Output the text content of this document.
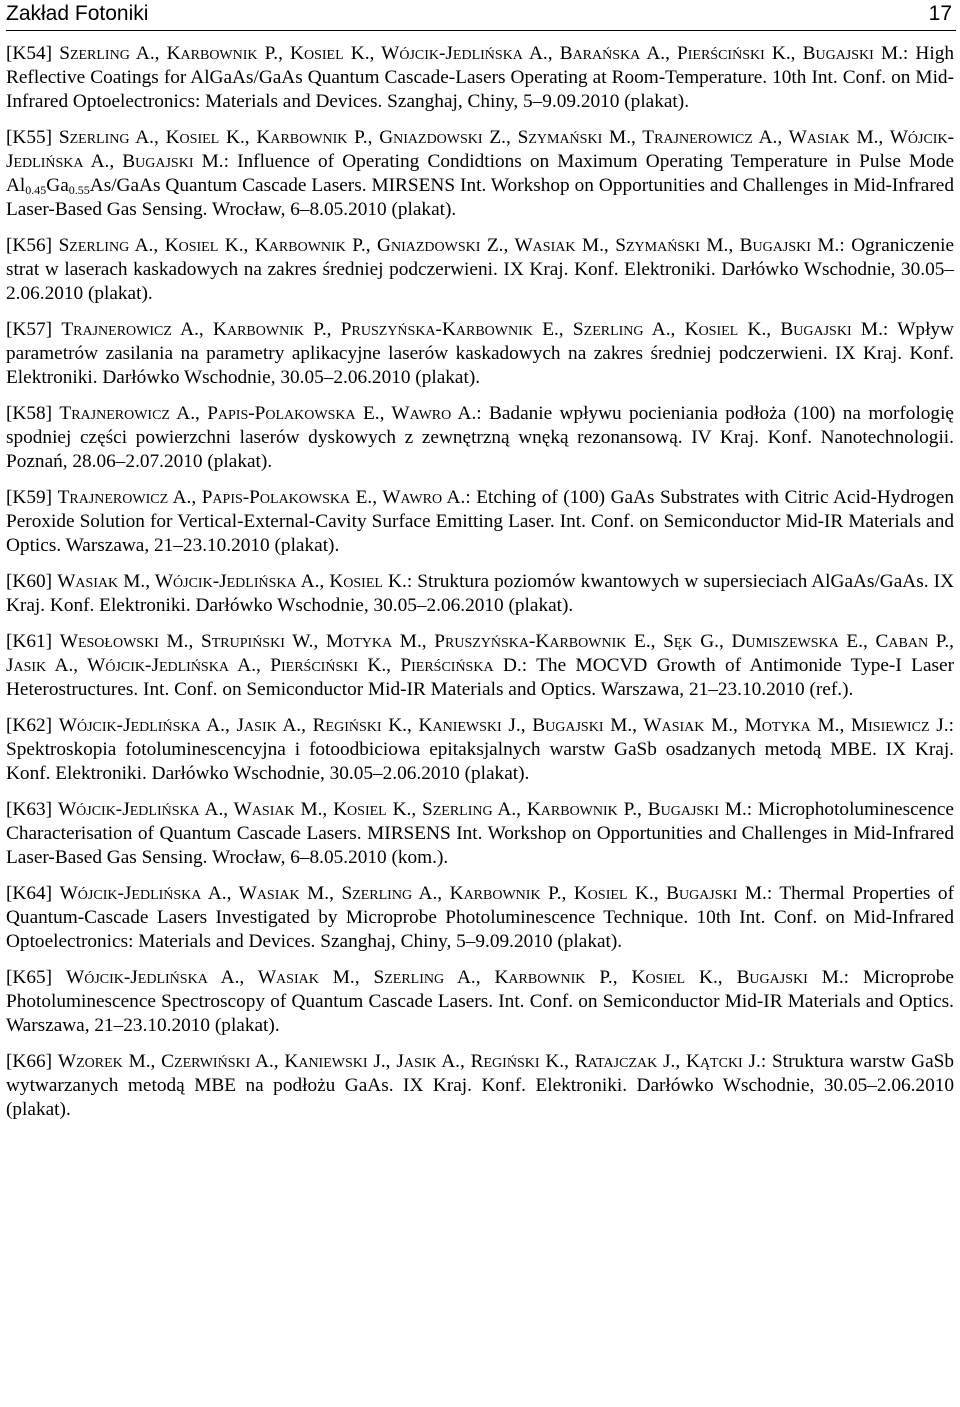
Zakład Fotoniki	17

[K54] Szerling A., Karbownik P., Kosiel K., Wójcik-Jedlińska A., Barańska A., Pierściński K., Bugajski M.: High Reflective Coatings for AlGaAs/GaAs Quantum Cascade-Lasers Operating at Room-Temperature. 10th Int. Conf. on Mid-Infrared Optoelectronics: Materials and Devices. Szanghaj, Chiny, 5–9.09.2010 (plakat).

[K55] Szerling A., Kosiel K., Karbownik P., Gniazdowski Z., Szymański M., Trajnerowicz A., Wasiak M., Wójcik-Jedlińska A., Bugajski M.: Influence of Operating Condidtions on Maximum Operating Temperature in Pulse Mode $Al_{0.45}Ga_{0.55}As$/GaAs Quantum Cascade Lasers. MIRSENS Int. Workshop on Opportunities and Challenges in Mid-Infrared Laser-Based Gas Sensing. Wrocław, 6–8.05.2010 (plakat).

[K56] Szerling A., Kosiel K., Karbownik P., Gniazdowski Z., Wasiak M., Szymański M., Bugajski M.: Ograniczenie strat w laserach kaskadowych na zakres średniej podczerwieni. IX Kraj. Konf. Elektroniki. Darłówko Wschodnie, 30.05–2.06.2010 (plakat).

[K57] Trajnerowicz A., Karbownik P., Pruszyńska-Karbownik E., Szerling A., Kosiel K., Bugajski M.: Wpływ parametrów zasilania na parametry aplikacyjne laserów kaskadowych na zakres średniej podczerwieni. IX Kraj. Konf. Elektroniki. Darłówko Wschodnie, 30.05–2.06.2010 (plakat).

[K58] Trajnerowicz A., Papis-Polakowska E., Wawro A.: Badanie wpływu pocieniania podłoża (100) na morfologię spodniej części powierzchni laserów dyskowych z zewnętrzną wnęką rezonansową. IV Kraj. Konf. Nanotechnologii. Poznań, 28.06–2.07.2010 (plakat).

[K59] Trajnerowicz A., Papis-Polakowska E., Wawro A.: Etching of (100) GaAs Substrates with Citric Acid-Hydrogen Peroxide Solution for Vertical-External-Cavity Surface Emitting Laser. Int. Conf. on Semiconductor Mid-IR Materials and Optics. Warszawa, 21–23.10.2010 (plakat).

[K60] Wasiak M., Wójcik-Jedlińska A., Kosiel K.: Struktura poziomów kwantowych w supersieciach AlGaAs/GaAs. IX Kraj. Konf. Elektroniki. Darłówko Wschodnie, 30.05–2.06.2010 (plakat).

[K61] Wesołowski M., Strupiński W., Motyka M., Pruszyńska-Karbownik E., Sęk G., Dumiszewska E., Caban P., Jasik A., Wójcik-Jedlińska A., Pierściński K., Pierścińska D.: The MOCVD Growth of Antimonide Type-I Laser Heterostructures. Int. Conf. on Semiconductor Mid-IR Materials and Optics. Warszawa, 21–23.10.2010 (ref.).

[K62] Wójcik-Jedlińska A., Jasik A., Regiński K., Kaniewski J., Bugajski M., Wasiak M., Motyka M., Misiewicz J.: Spektroskopia fotoluminescencyjna i fotoodbiciowa epitaksjalnych warstw GaSb osadzanych metodą MBE. IX Kraj. Konf. Elektroniki. Darłówko Wschodnie, 30.05–2.06.2010 (plakat).

[K63] Wójcik-Jedlińska A., Wasiak M., Kosiel K., Szerling A., Karbownik P., Bugajski M.: Microphotoluminescence Characterisation of Quantum Cascade Lasers. MIRSENS Int. Workshop on Opportunities and Challenges in Mid-Infrared Laser-Based Gas Sensing. Wrocław, 6–8.05.2010 (kom.).

[K64] Wójcik-Jedlińska A., Wasiak M., Szerling A., Karbownik P., Kosiel K., Bugajski M.: Thermal Properties of Quantum-Cascade Lasers Investigated by Microprobe Photoluminescence Technique. 10th Int. Conf. on Mid-Infrared Optoelectronics: Materials and Devices. Szanghaj, Chiny, 5–9.09.2010 (plakat).

[K65] Wójcik-Jedlińska A., Wasiak M., Szerling A., Karbownik P., Kosiel K., Bugajski M.: Microprobe Photoluminescence Spectroscopy of Quantum Cascade Lasers. Int. Conf. on Semiconductor Mid-IR Materials and Optics. Warszawa, 21–23.10.2010 (plakat).

[K66] Wzorek M., Czerwiński A., Kaniewski J., Jasik A., Regiński K., Ratajczak J., Kątcki J.: Struktura warstw GaSb wytwarzanych metodą MBE na podłożu GaAs. IX Kraj. Konf. Elektroniki. Darłówko Wschodnie, 30.05–2.06.2010 (plakat).
